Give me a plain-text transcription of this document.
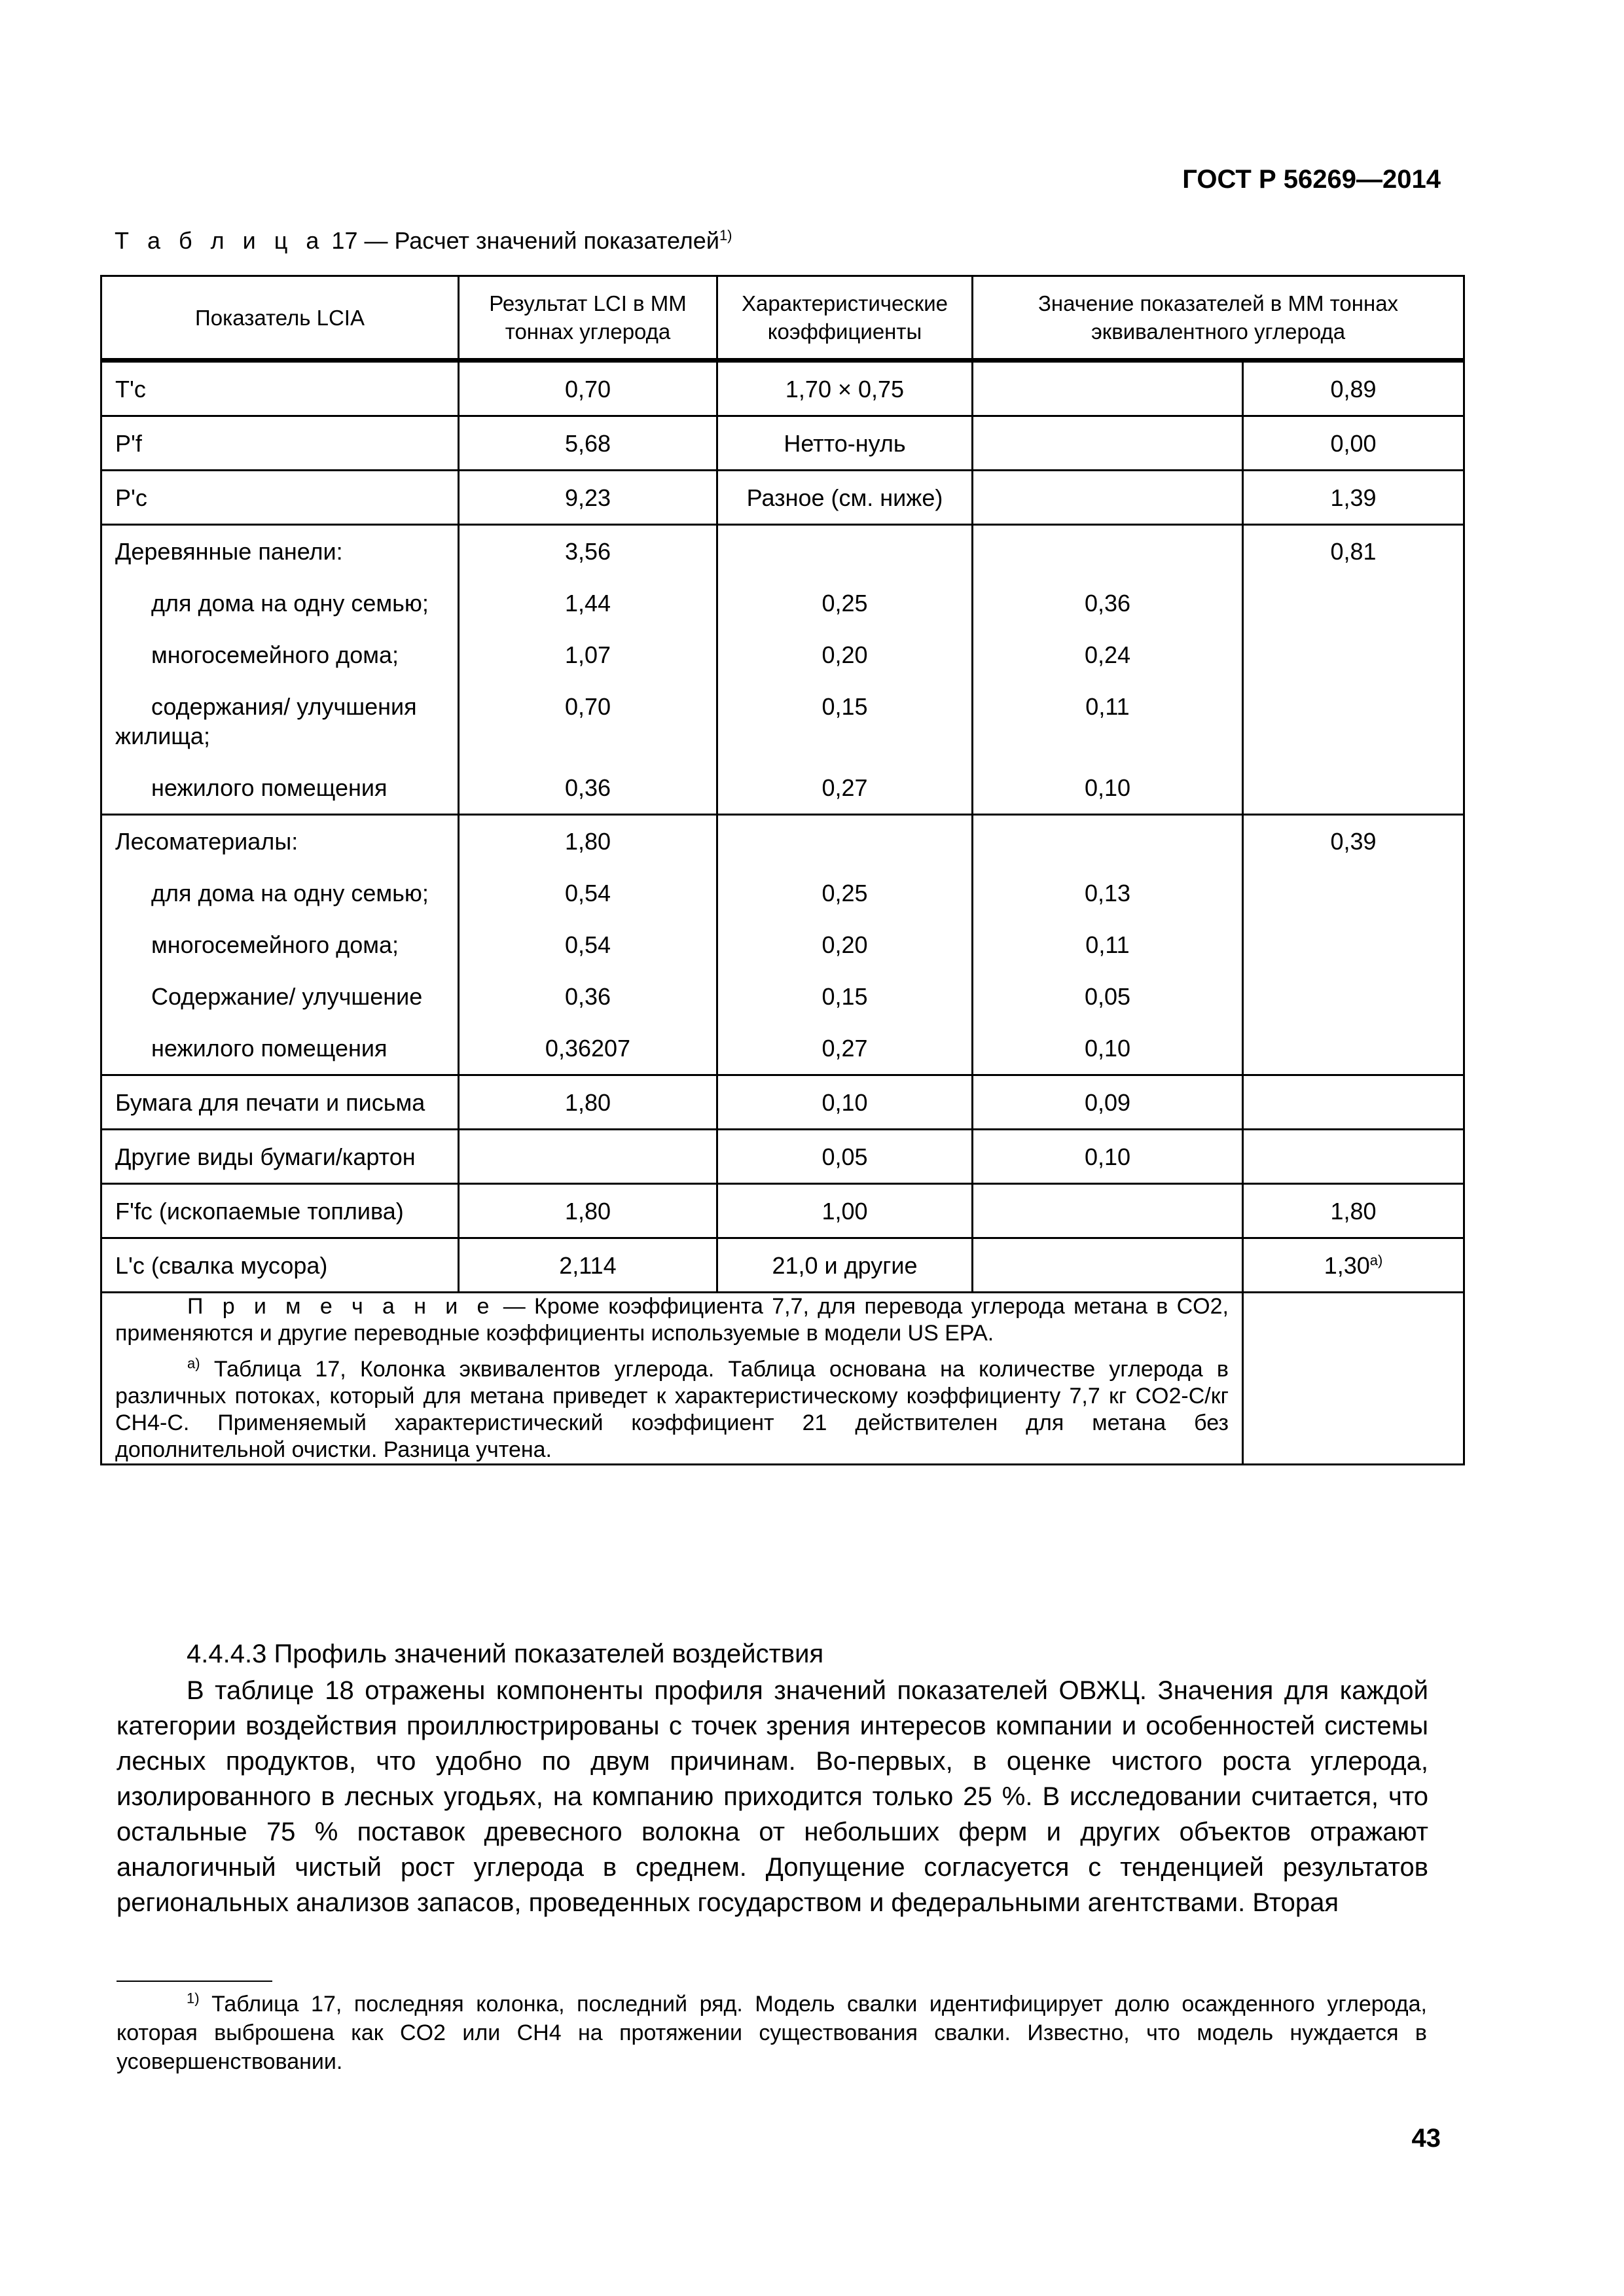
ГОСТ Р 56269—2014
Т а б л и ц а 17 — Расчет значений показателей$^{1)}$
Показатель LCIA	Результат LCI в ММ тоннах углерода	Характеристические коэффициенты	Значение показателей в ММ тоннах эквивалентного углерода	
T'c	0,70	1,70 × 0,75		0,89
P'f	5,68	Нетто-нуль		0,00
P'c	9,23	Разное (см. ниже)		1,39
Деревянные панели:	3,56			0,81

для дома на одну семью;	1,44	0,25	0,36	

многосемейного дома;	1,07	0,20	0,24	

содержания/ улучшения жилища;	0,70	0,15	0,11	

нежилого помещения	0,36	0,27	0,10	
Лесоматериалы:	1,80			0,39

для дома на одну семью;	0,54	0,25	0,13	

многосемейного дома;	0,54	0,20	0,11	

Содержание/ улучшение	0,36	0,15	0,05	

нежилого помещения	0,36207	0,27	0,10	
Бумага для печати и письма	1,80	0,10	0,09	
Другие виды бумаги/картон		0,05	0,10	
F'fc (ископаемые топлива)	1,80	1,00		1,80
L'c (свалка мусора)	2,114	21,0 и другие		$1,30^{а)}$

П р и м е ч а н и е — Кроме коэффициента 7,7, для перевода углерода метана в CO2, применяются и другие переводные коэффициенты используемые в модели US EPA.

$^{а)}$ Таблица 17, Колонка эквивалентов углерода. Таблица основана на количестве углерода в различных потоках, который для метана приведет к характеристическому коэффициенту 7,7 кг CO2-C/кг CH4-C. Применяемый характеристический коэффициент 21 действителен для метана без дополнительной очистки. Разница учтена.				

4.4.4.3 Профиль значений показателей воздействия

В таблице 18 отражены компоненты профиля значений показателей ОВЖЦ. Значения для каждой категории воздействия проиллюстрированы с точек зрения интересов компании и особенностей системы лесных продуктов, что удобно по двум причинам. Во-первых, в оценке чистого роста углерода, изолированного в лесных угодьях, на компанию приходится только 25 %. В исследовании считается, что остальные 75 % поставок древесного волокна от небольших ферм и других объектов отражают аналогичный чистый рост углерода в среднем. Допущение согласуется с тенденцией результатов региональных анализов запасов, проведенных государством и федеральными агентствами. Вторая

$^{1)}$ Таблица 17, последняя колонка, последний ряд. Модель свалки идентифицирует долю осажденного углерода, которая выброшена как CO2 или CH4 на протяжении существования свалки. Известно, что модель нуждается в усовершенствовании.

43
